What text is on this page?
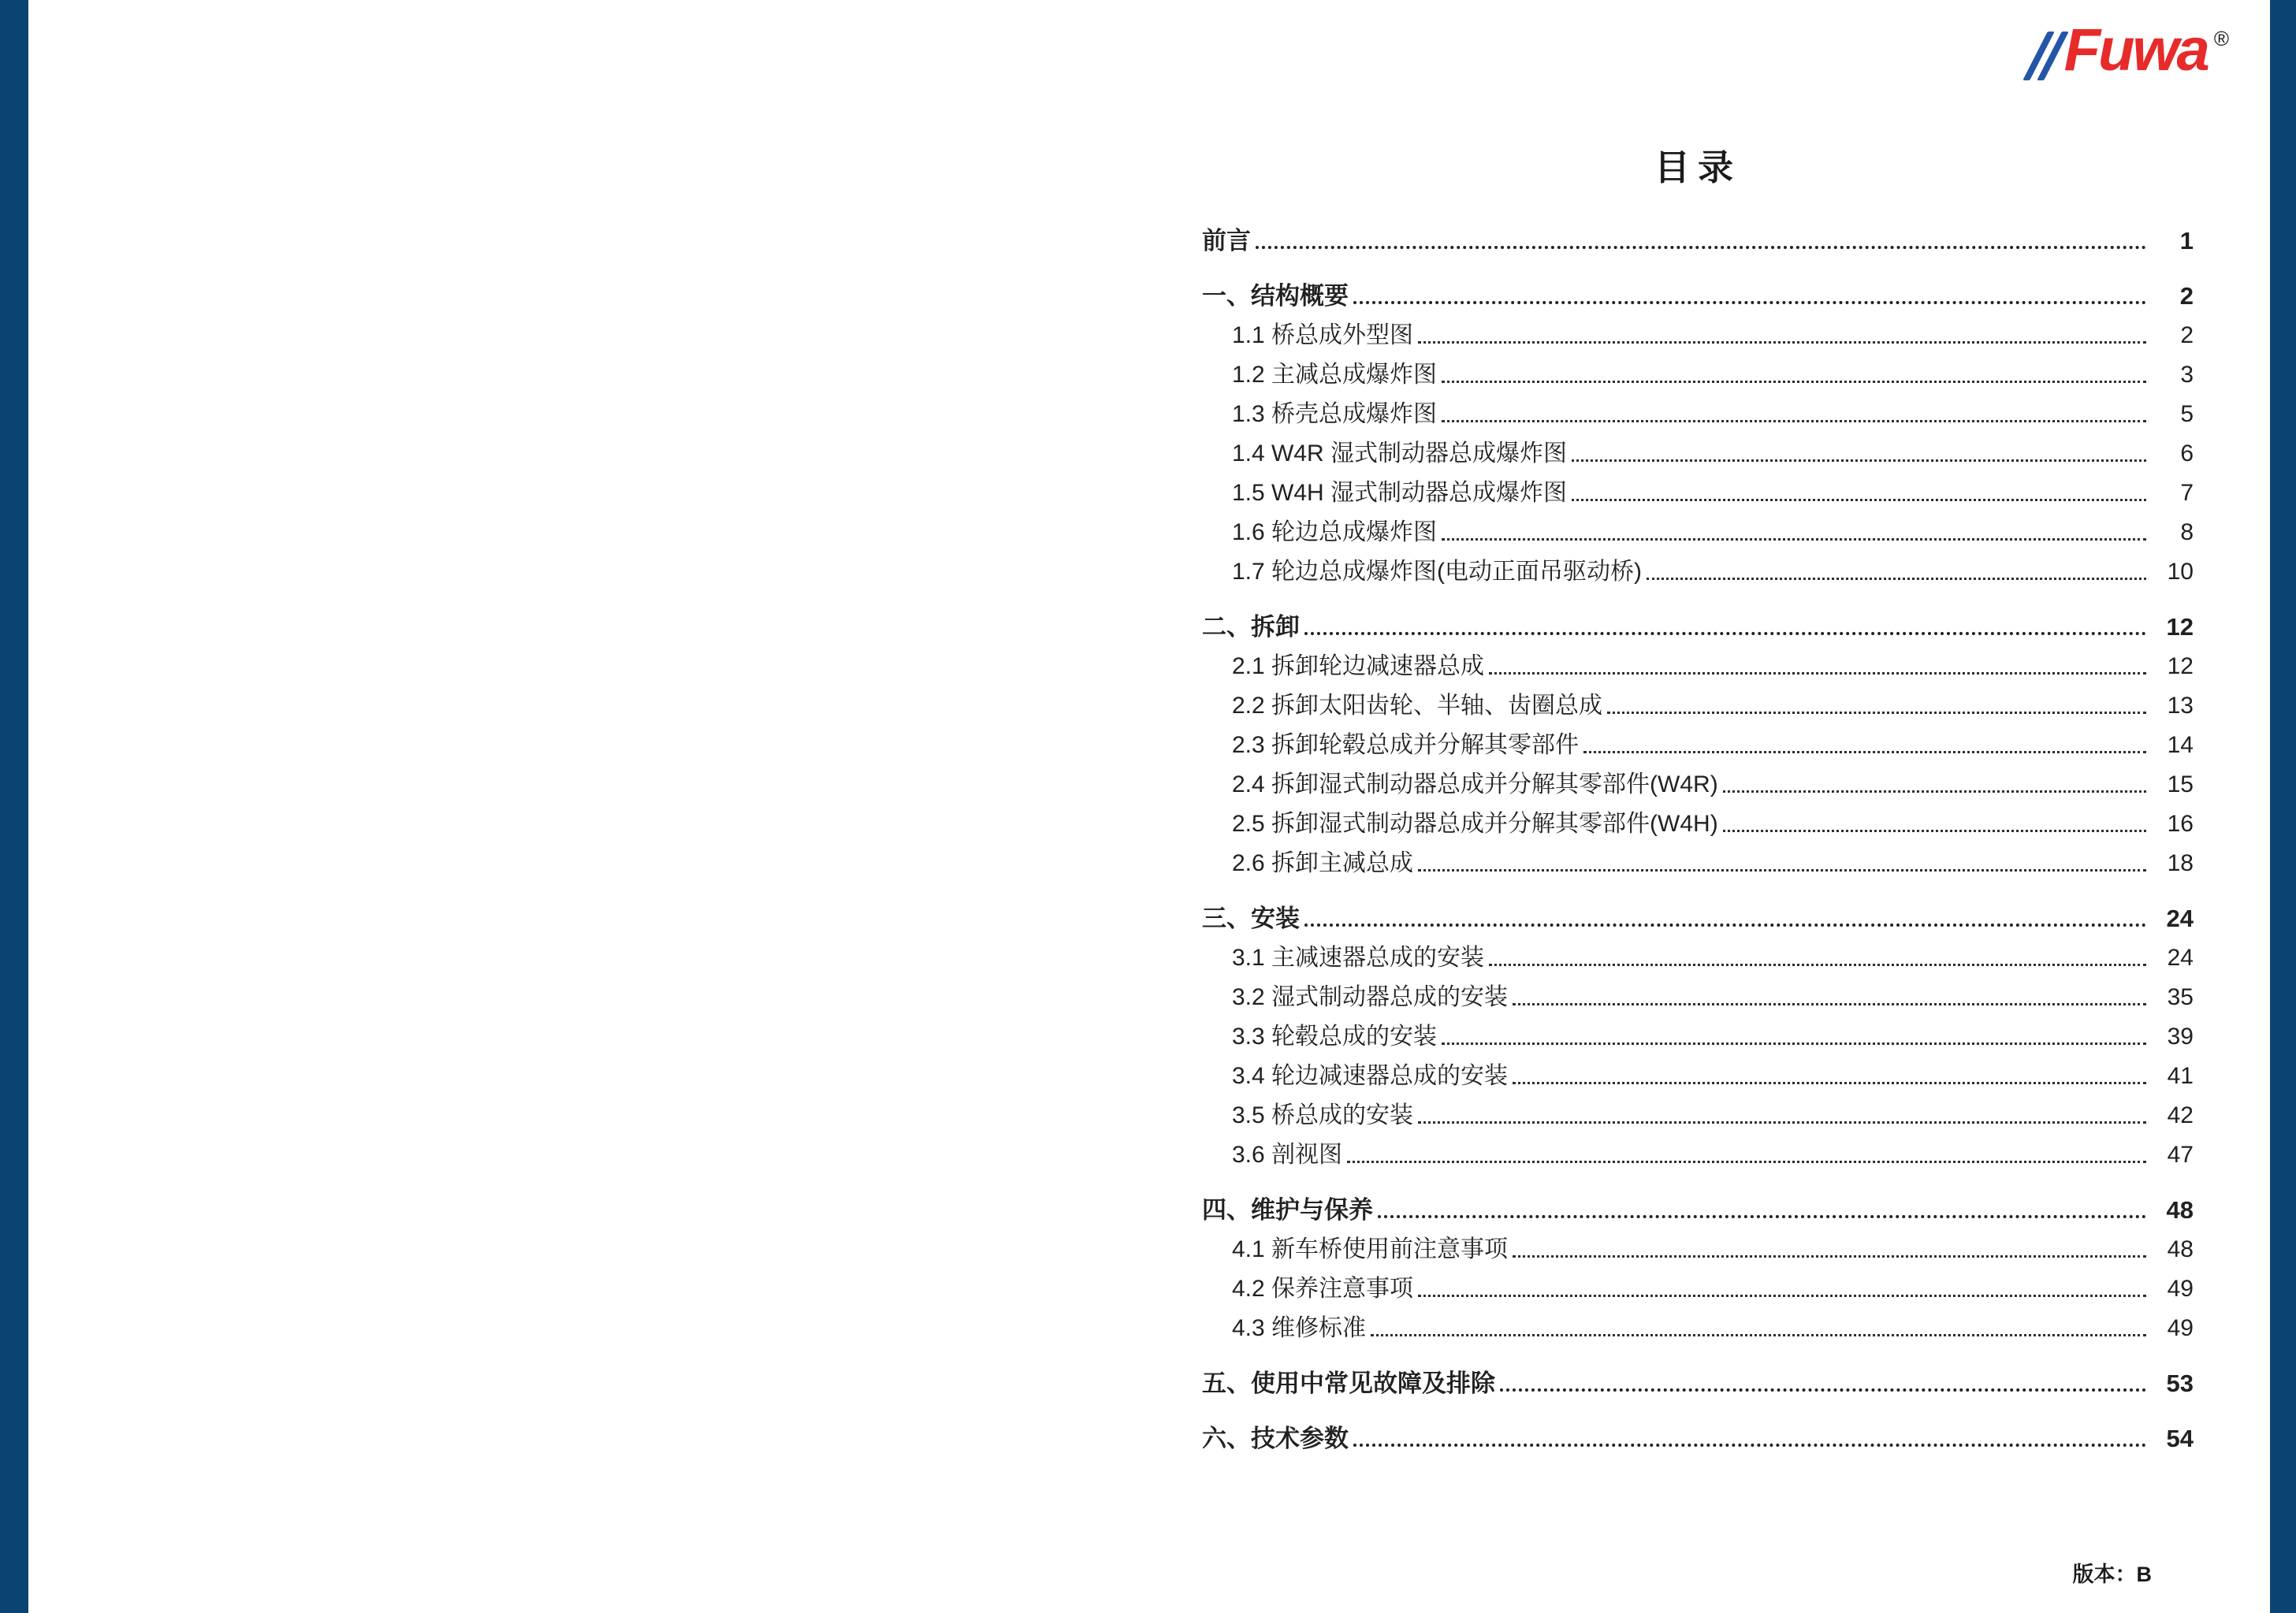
Fuwa ®
目录
前言	1
一、结构概要	2
1.1 桥总成外型图	2
1.2 主减总成爆炸图	3
1.3 桥壳总成爆炸图	5
1.4 W4R 湿式制动器总成爆炸图	6
1.5 W4H 湿式制动器总成爆炸图	7
1.6 轮边总成爆炸图	8
1.7 轮边总成爆炸图(电动正面吊驱动桥)	10
二、拆卸	12
2.1 拆卸轮边减速器总成	12
2.2 拆卸太阳齿轮、半轴、齿圈总成	13
2.3 拆卸轮毂总成并分解其零部件	14
2.4 拆卸湿式制动器总成并分解其零部件(W4R)	15
2.5 拆卸湿式制动器总成并分解其零部件(W4H)	16
2.6 拆卸主减总成	18
三、安装	24
3.1 主减速器总成的安装	24
3.2 湿式制动器总成的安装	35
3.3 轮毂总成的安装	39
3.4 轮边减速器总成的安装	41
3.5 桥总成的安装	42
3.6 剖视图	47
四、维护与保养	48
4.1 新车桥使用前注意事项	48
4.2 保养注意事项	49
4.3 维修标准	49
五、使用中常见故障及排除	53
六、技术参数	54
版本：B
